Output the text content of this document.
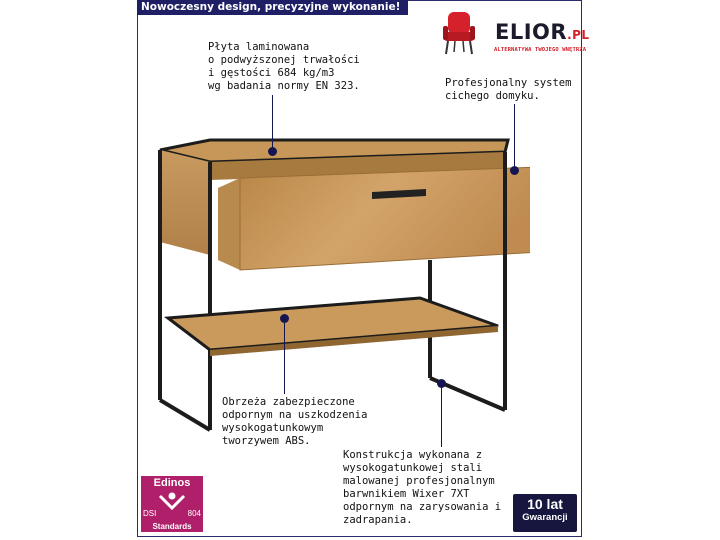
Nowoczesny design, precyzyjne wykonanie!
ELIOR.PL
ALTERNATYWA TWOJEGO WNĘTRZA
Płyta laminowana
o podwyższonej trwałości
i gęstości 684 kg/m3
wg badania normy EN 323.	Profesjonalny system
cichego domyku.
Obrzeża zabezpieczone
odpornym na uszkodzenia
wysokogatunkowym
tworzywem ABS.
Konstrukcja wykonana z
wysokogatunkowej stali
malowanej profesjonalnym
barwnikiem Wixer 7XT
odpornym na zarysowania i
zadrapania.
Edinos
DSI	804
Standards
10 lat
Gwarancji
